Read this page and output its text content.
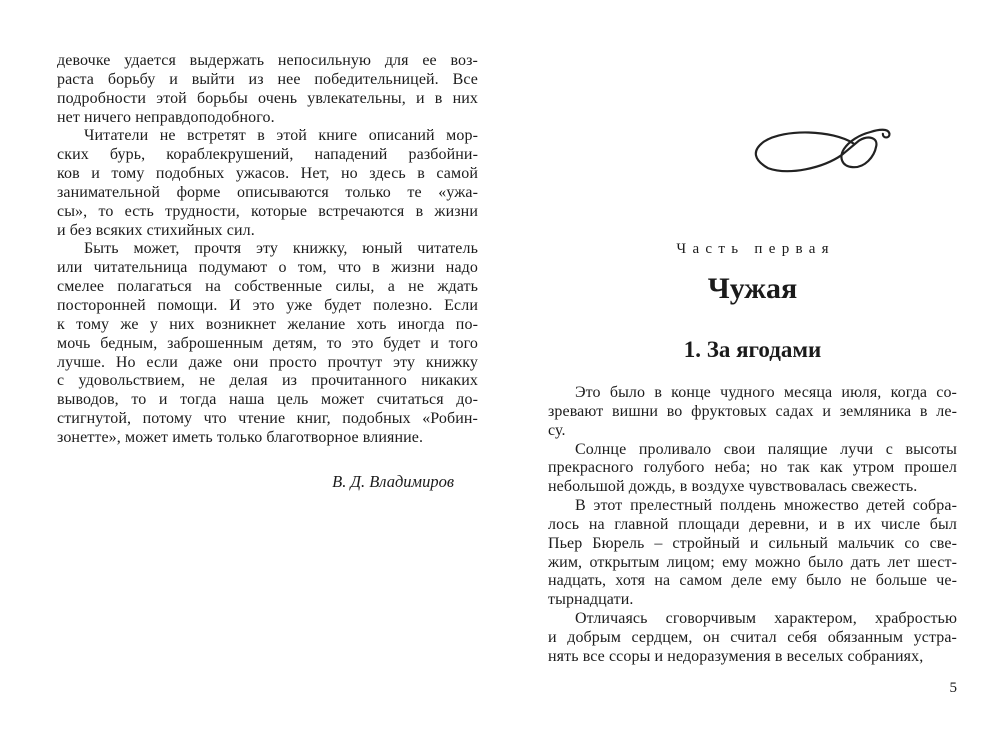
девочке удается выдержать непосильную для ее воз-
раста борьбу и выйти из нее победительницей. Все
подробности этой борьбы очень увлекательны, и в них
нет ничего неправдоподобного.
Читатели не встретят в этой книге описаний мор-
ских бурь, кораблекрушений, нападений разбойни-
ков и тому подобных ужасов. Нет, но здесь в самой
занимательной форме описываются только те «ужа-
сы», то есть трудности, которые встречаются в жизни
и без всяких стихийных сил.
Быть может, прочтя эту книжку, юный читатель
или читательница подумают о том, что в жизни надо
смелее полагаться на собственные силы, а не ждать
посторонней помощи. И это уже будет полезно. Если
к тому же у них возникнет желание хоть иногда по-
мочь бедным, заброшенным детям, то это будет и того
лучше. Но если даже они просто прочтут эту книжку
с удовольствием, не делая из прочитанного никаких
выводов, то и тогда наша цель может считаться до-
стигнутой, потому что чтение книг, подобных «Робин-
зонетте», может иметь только благотворное влияние.
В. Д. Владимиров
Часть первая
Чужая
1. За ягодами
Это было в конце чудного месяца июля, когда со-
зревают вишни во фруктовых садах и земляника в ле-
су.
Солнце проливало свои палящие лучи с высоты
прекрасного голубого неба; но так как утром прошел
небольшой дождь, в воздухе чувствовалась свежесть.
В этот прелестный полдень множество детей собра-
лось на главной площади деревни, и в их числе был
Пьер Бюрель – стройный и сильный мальчик со све-
жим, открытым лицом; ему можно было дать лет шест-
надцать, хотя на самом деле ему было не больше че-
тырнадцати.
Отличаясь сговорчивым характером, храбростью
и добрым сердцем, он считал себя обязанным устра-
нять все ссоры и недоразумения в веселых собраниях,
5
